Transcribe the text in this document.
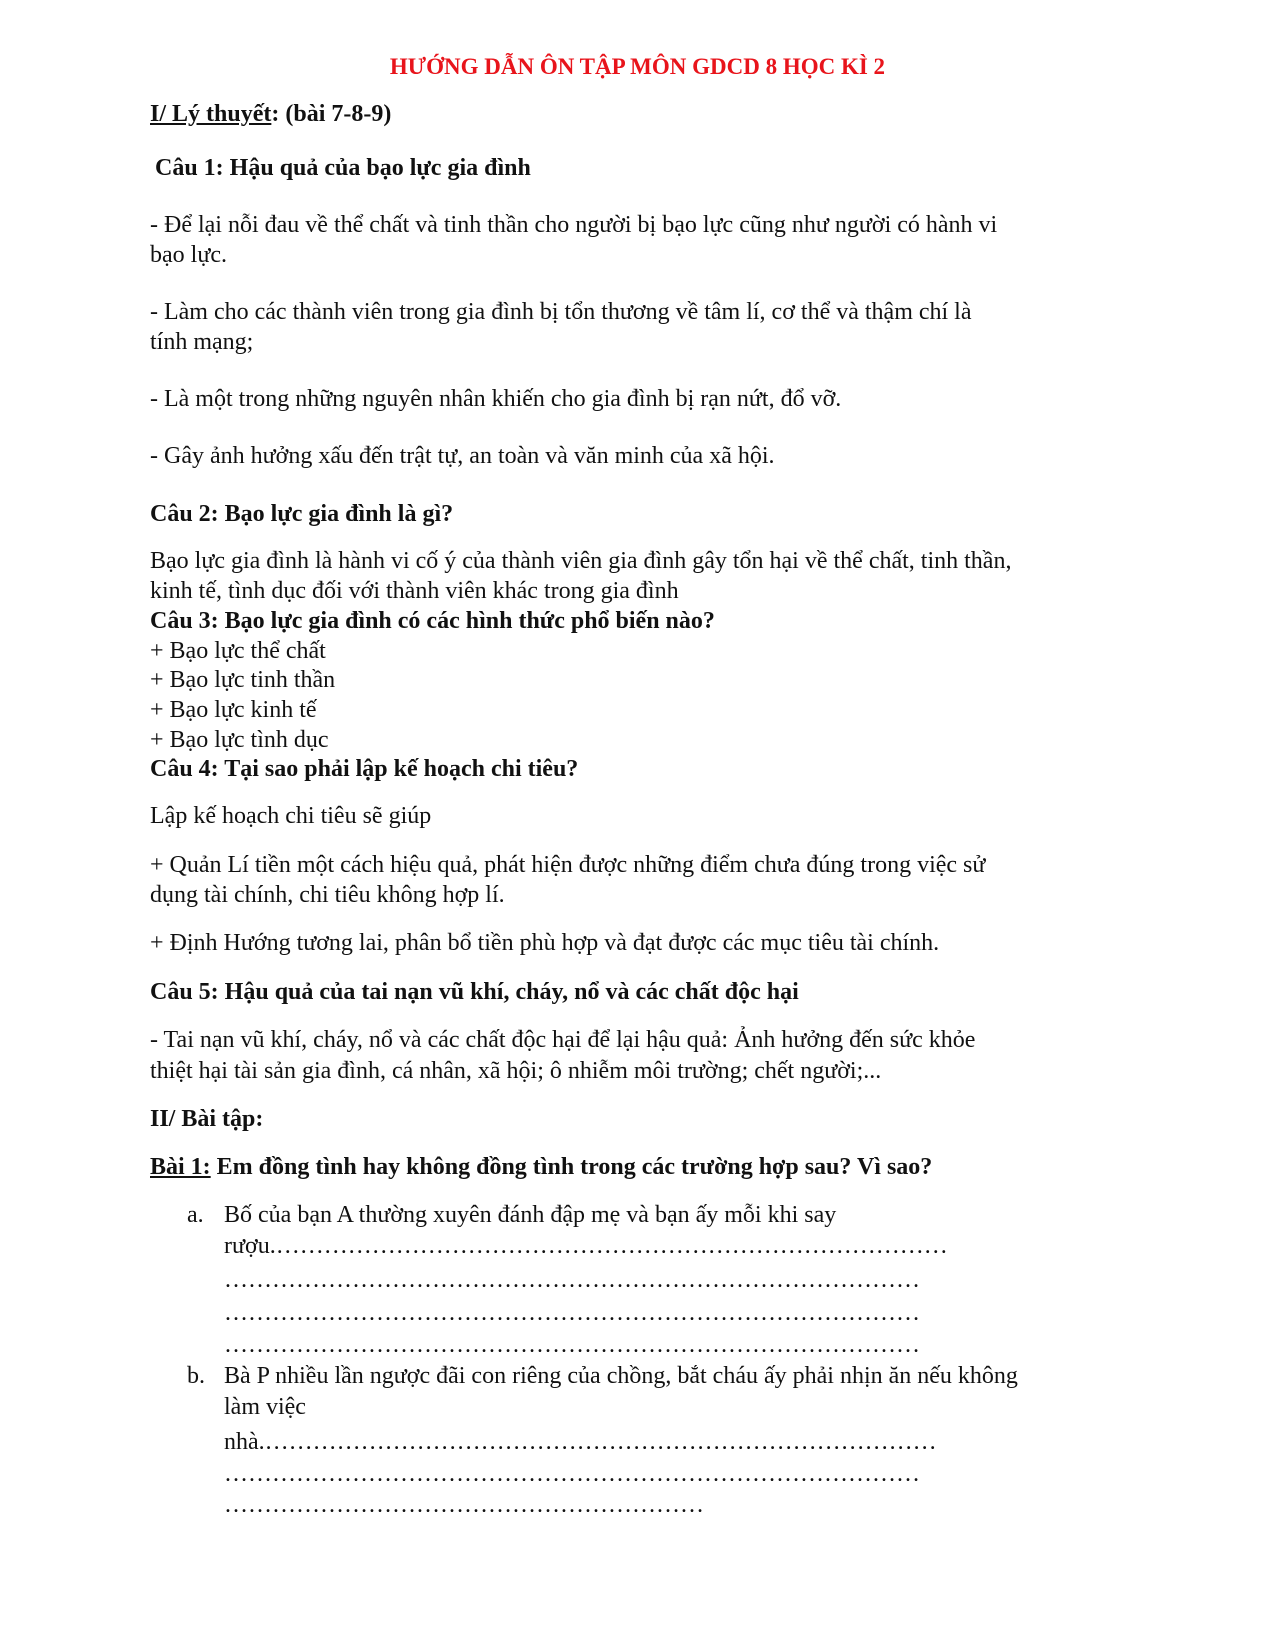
HƯỚNG DẪN ÔN TẬP MÔN GDCD 8 HỌC KÌ 2

I/ Lý thuyết: (bài 7-8-9)

Câu 1: Hậu quả của bạo lực gia đình

- Để lại nỗi đau về thể chất và tinh thần cho người bị bạo lực cũng như người có hành vi

bạo lực.

- Làm cho các thành viên trong gia đình bị tổn thương về tâm lí, cơ thể và thậm chí là

tính mạng;

- Là một trong những nguyên nhân khiến cho gia đình bị rạn nứt, đổ vỡ.

- Gây ảnh hưởng xấu đến trật tự, an toàn và văn minh của xã hội.

Câu 2: Bạo lực gia đình là gì?

Bạo lực gia đình là hành vi cố ý của thành viên gia đình gây tổn hại về thể chất, tinh thần,

kinh tế, tình dục đối với thành viên khác trong gia đình

Câu 3: Bạo lực gia đình có các hình thức phổ biến nào?

+ Bạo lực thể chất

+ Bạo lực tinh thần

+ Bạo lực kinh tế

+ Bạo lực tình dục

Câu 4: Tại sao phải lập kế hoạch chi tiêu?

Lập kế hoạch chi tiêu sẽ giúp

+ Quản Lí tiền một cách hiệu quả, phát hiện được những điểm chưa đúng trong việc sử

dụng tài chính, chi tiêu không hợp lí.

+ Định Hướng tương lai, phân bổ tiền phù hợp và đạt được các mục tiêu tài chính.

Câu 5: Hậu quả của tai nạn vũ khí, cháy, nổ và các chất độc hại

- Tai nạn vũ khí, cháy, nổ và các chất độc hại để lại hậu quả: Ảnh hưởng đến sức khỏe

thiệt hại tài sản gia đình, cá nhân, xã hội; ô nhiễm môi trường; chết người;...

II/ Bài tập:

Bài 1: Em đồng tình hay không đồng tình trong các trường hợp sau? Vì sao?

a. Bố của bạn A thường xuyên đánh đập mẹ và bạn ấy mỗi khi say

rượu.…………………………………………………………………………

……………………………………………………………………………

……………………………………………………………………………

……………………………………………………………………………

b. Bà P nhiều lần ngược đãi con riêng của chồng, bắt cháu ấy phải nhịn ăn nếu không

làm việc

nhà.…………………………………………………………………………

……………………………………………………………………………

……………………………………………………
